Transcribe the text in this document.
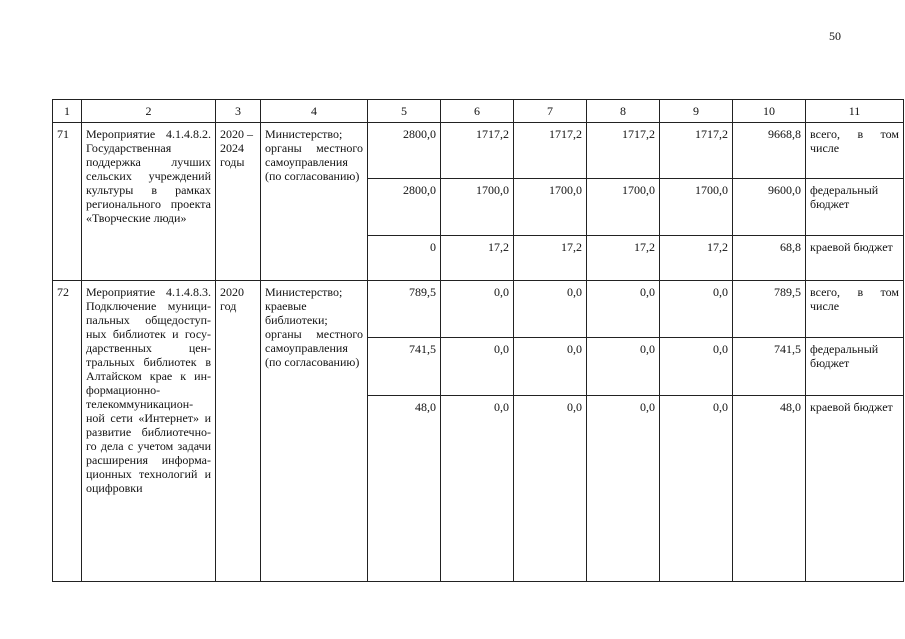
50
1	2	3	4	5	6	7	8	9	10	11
71	Мероприятие 4.1.4.8.2. Государственная поддержка лучших сельских учреждений культуры в рамках регионального проекта «Творческие люди»	2020 – 2024 годы	Министерство; органы местного самоуправления (по согласованию)	2800,0	1717,2	1717,2	1717,2	1717,2	9668,8	всего, в том числе
				2800,0	1700,0	1700,0	1700,0	1700,0	9600,0	федеральный бюджет
				0	17,2	17,2	17,2	17,2	68,8	краевой бюджет
72	Мероприятие 4.1.4.8.3. Подключение муници-пальных общедоступ-ных библиотек и госу-дарственных цен-тральных библиотек в Алтайском крае к ин-формационно-телекоммуникацион-ной сети «Интернет» и развитие библиотечно-го дела с учетом задачи расширения информа-ционных технологий и оцифровки	2020 год	Министерство; краевые библиотеки; органы местного самоуправления (по согласованию)	789,5	0,0	0,0	0,0	0,0	789,5	всего, в том числе
				741,5	0,0	0,0	0,0	0,0	741,5	федеральный бюджет
				48,0	0,0	0,0	0,0	0,0	48,0	краевой бюджет
